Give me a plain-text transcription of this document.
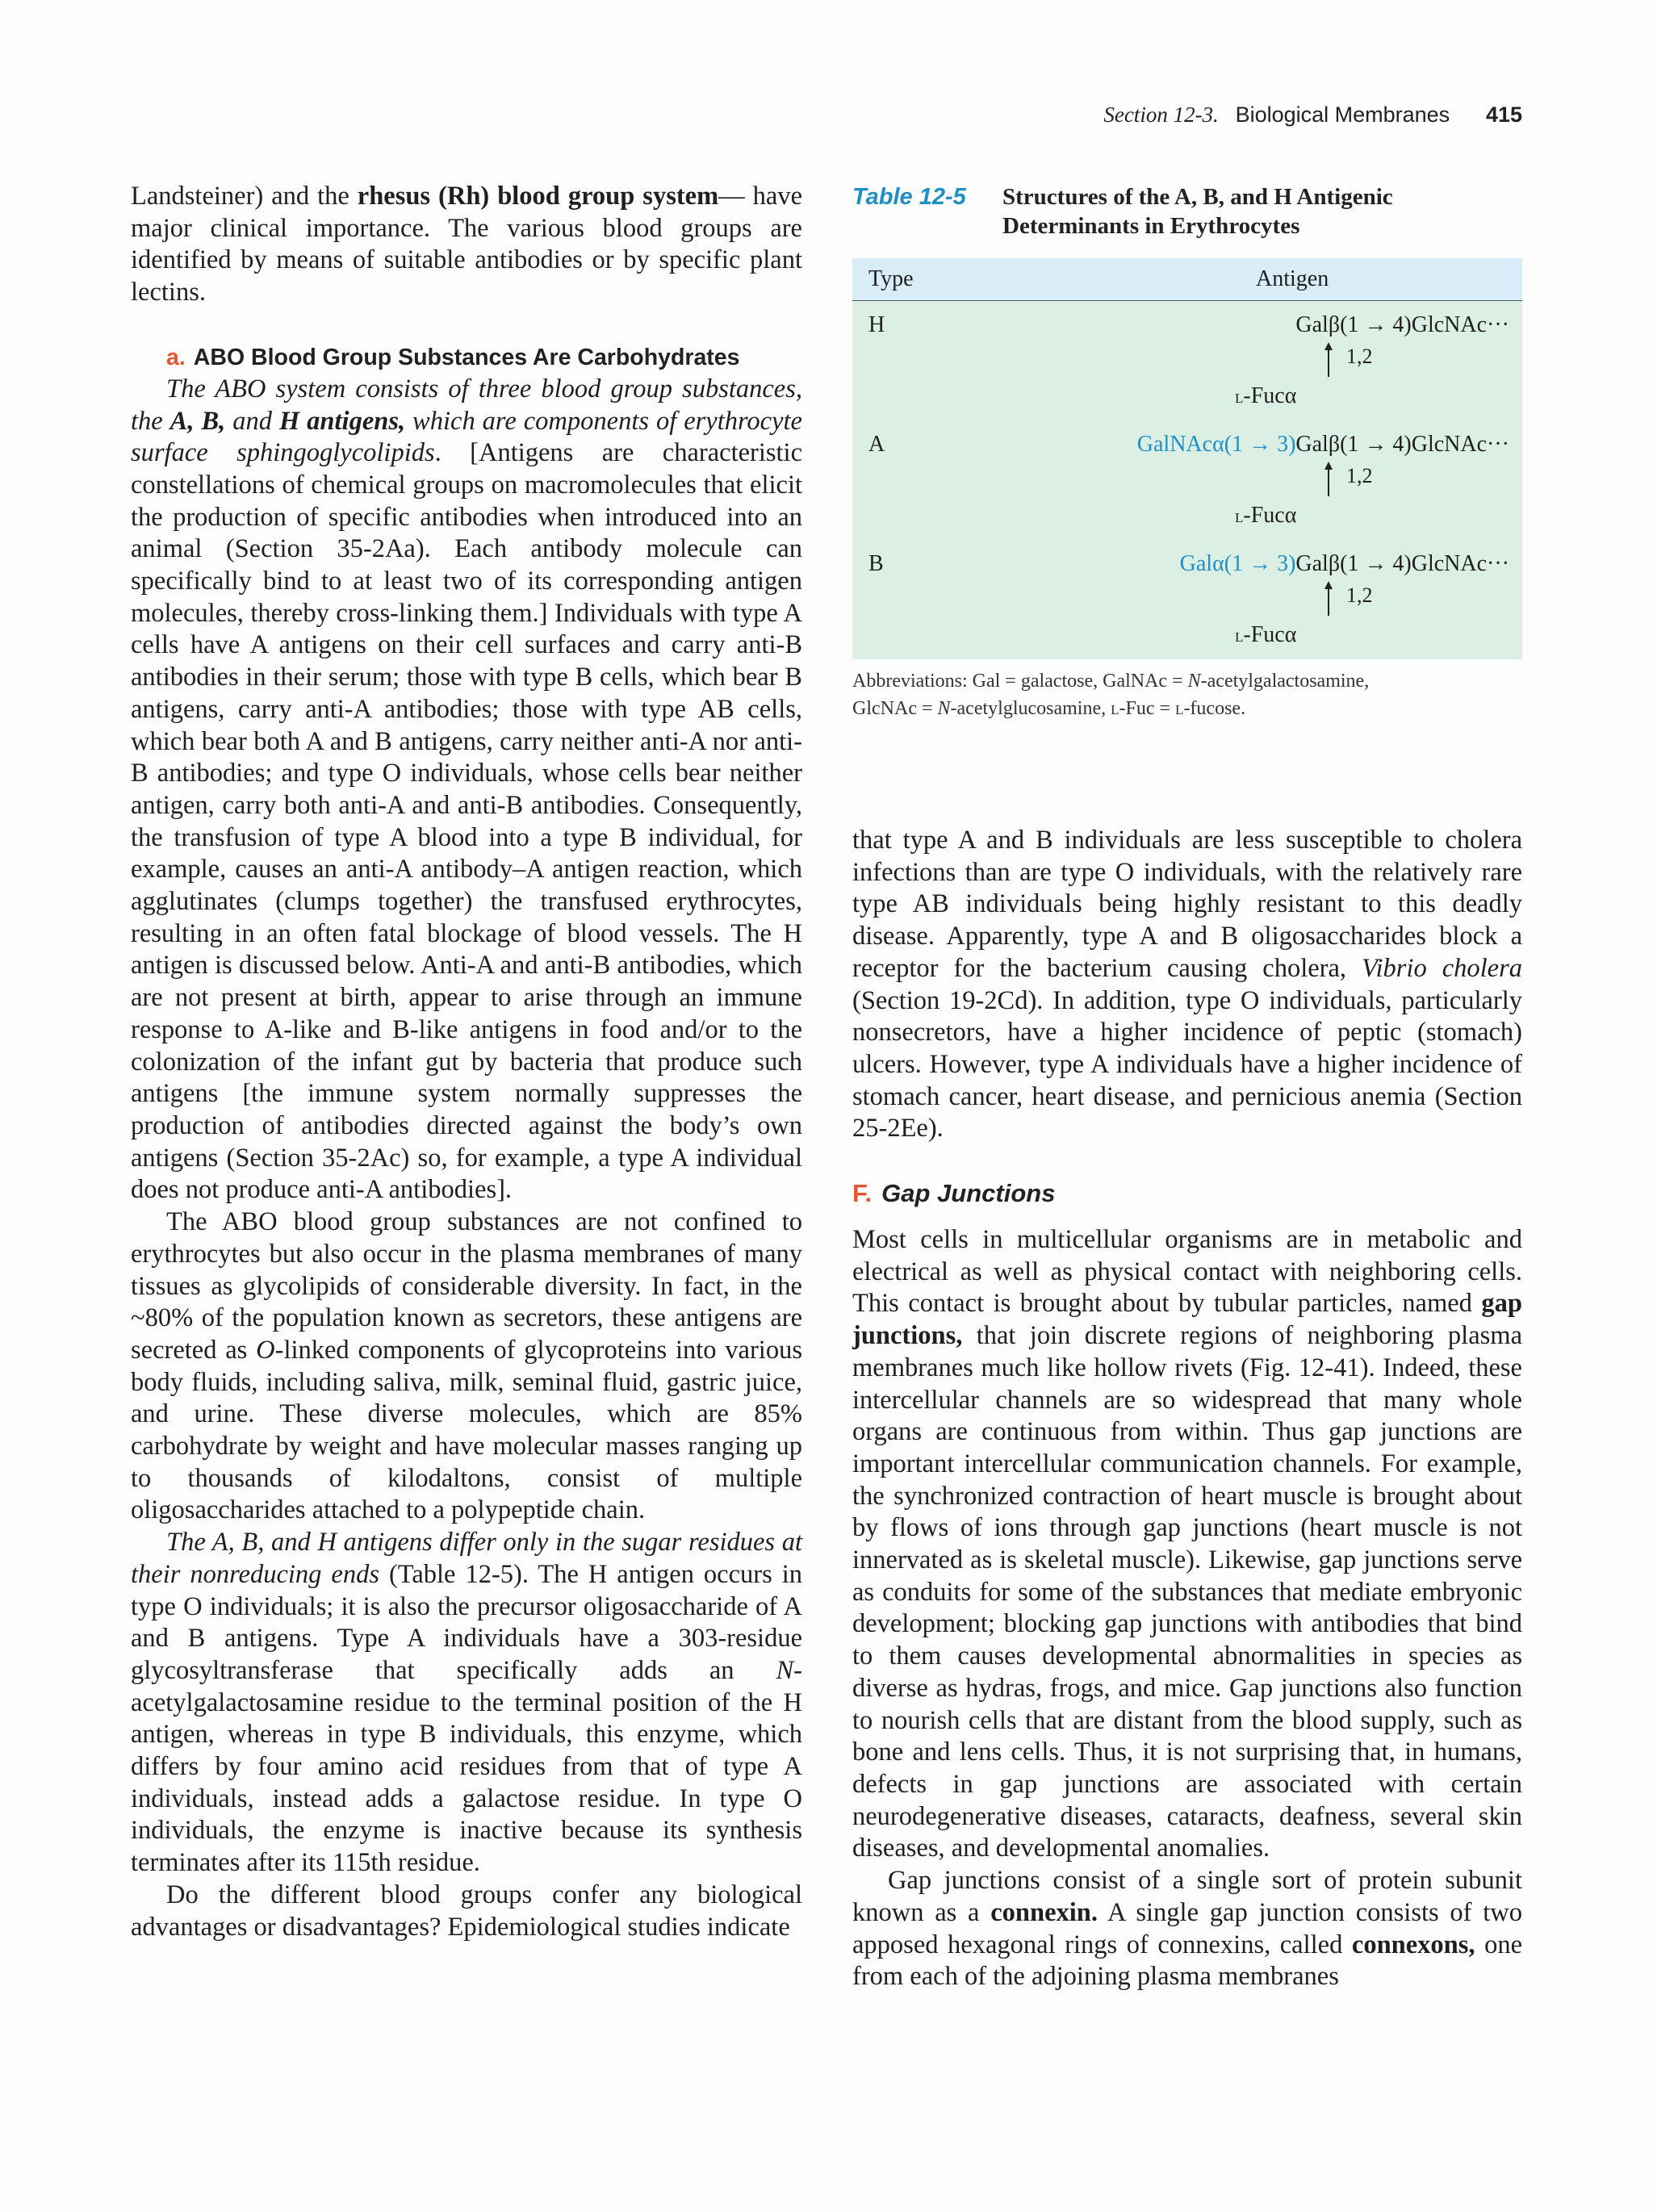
Section 12-3. Biological Membranes 415

Landsteiner) and the rhesus (Rh) blood group system— have major clinical importance. The various blood groups are identified by means of suitable antibodies or by specific plant lectins.

a. ABO Blood Group Substances Are Carbohydrates

The ABO system consists of three blood group substances, the A, B, and H antigens, which are components of erythrocyte surface sphingoglycolipids. [Antigens are characteristic constellations of chemical groups on macromolecules that elicit the production of specific antibodies when introduced into an animal (Section 35-2Aa). Each antibody molecule can specifically bind to at least two of its corresponding antigen molecules, thereby cross-linking them.] Individuals with type A cells have A antigens on their cell surfaces and carry anti-B antibodies in their serum; those with type B cells, which bear B antigens, carry anti-A antibodies; those with type AB cells, which bear both A and B antigens, carry neither anti-A nor anti-B antibodies; and type O individuals, whose cells bear neither antigen, carry both anti-A and anti-B antibodies. Consequently, the transfusion of type A blood into a type B individual, for example, causes an anti-A antibody–A antigen reaction, which agglutinates (clumps together) the transfused erythrocytes, resulting in an often fatal blockage of blood vessels. The H antigen is discussed below. Anti-A and anti-B antibodies, which are not present at birth, appear to arise through an immune response to A-like and B-like antigens in food and/or to the colonization of the infant gut by bacteria that produce such antigens [the immune system normally suppresses the production of antibodies directed against the body’s own antigens (Section 35-2Ac) so, for example, a type A individual does not produce anti-A antibodies].

The ABO blood group substances are not confined to erythrocytes but also occur in the plasma membranes of many tissues as glycolipids of considerable diversity. In fact, in the ~80% of the population known as secretors, these antigens are secreted as O-linked components of glycoproteins into various body fluids, including saliva, milk, seminal fluid, gastric juice, and urine. These diverse molecules, which are 85% carbohydrate by weight and have molecular masses ranging up to thousands of kilodaltons, consist of multiple oligosaccharides attached to a polypeptide chain.

The A, B, and H antigens differ only in the sugar residues at their nonreducing ends (Table 12-5). The H antigen occurs in type O individuals; it is also the precursor oligosaccharide of A and B antigens. Type A individuals have a 303-residue glycosyltransferase that specifically adds an N-acetylgalactosamine residue to the terminal position of the H antigen, whereas in type B individuals, this enzyme, which differs by four amino acid residues from that of type A individuals, instead adds a galactose residue. In type O individuals, the enzyme is inactive because its synthesis terminates after its 115th residue.

Do the different blood groups confer any biological advantages or disadvantages? Epidemiological studies indicate

Table 12-5	Structures of the A, B, and H Antigenic Determinants in Erythrocytes
Type	Antigen
H	Galβ(1 → 4)GlcNAc···
1,2
l-Fucα
A	GalNAcα(1 → 3)Galβ(1 → 4)GlcNAc···
1,2
l-Fucα
B	Galα(1 → 3)Galβ(1 → 4)GlcNAc···
1,2
l-Fucα
Abbreviations: Gal = galactose, GalNAc = N-acetylgalactosamine,
GlcNAc = N-acetylglucosamine, l-Fuc = l-fucose.

that type A and B individuals are less susceptible to cholera infections than are type O individuals, with the relatively rare type AB individuals being highly resistant to this deadly disease. Apparently, type A and B oligosaccharides block a receptor for the bacterium causing cholera, Vibrio cholera (Section 19-2Cd). In addition, type O individuals, particularly nonsecretors, have a higher incidence of peptic (stomach) ulcers. However, type A individuals have a higher incidence of stomach cancer, heart disease, and pernicious anemia (Section 25-2Ee).

F. Gap Junctions

Most cells in multicellular organisms are in metabolic and electrical as well as physical contact with neighboring cells. This contact is brought about by tubular particles, named gap junctions, that join discrete regions of neighboring plasma membranes much like hollow rivets (Fig. 12-41). Indeed, these intercellular channels are so widespread that many whole organs are continuous from within. Thus gap junctions are important intercellular communication channels. For example, the synchronized contraction of heart muscle is brought about by flows of ions through gap junctions (heart muscle is not innervated as is skeletal muscle). Likewise, gap junctions serve as conduits for some of the substances that mediate embryonic development; blocking gap junctions with antibodies that bind to them causes developmental abnormalities in species as diverse as hydras, frogs, and mice. Gap junctions also function to nourish cells that are distant from the blood supply, such as bone and lens cells. Thus, it is not surprising that, in humans, defects in gap junctions are associated with certain neurodegenerative diseases, cataracts, deafness, several skin diseases, and developmental anomalies.

Gap junctions consist of a single sort of protein subunit known as a connexin. A single gap junction consists of two apposed hexagonal rings of connexins, called connexons, one from each of the adjoining plasma membranes
